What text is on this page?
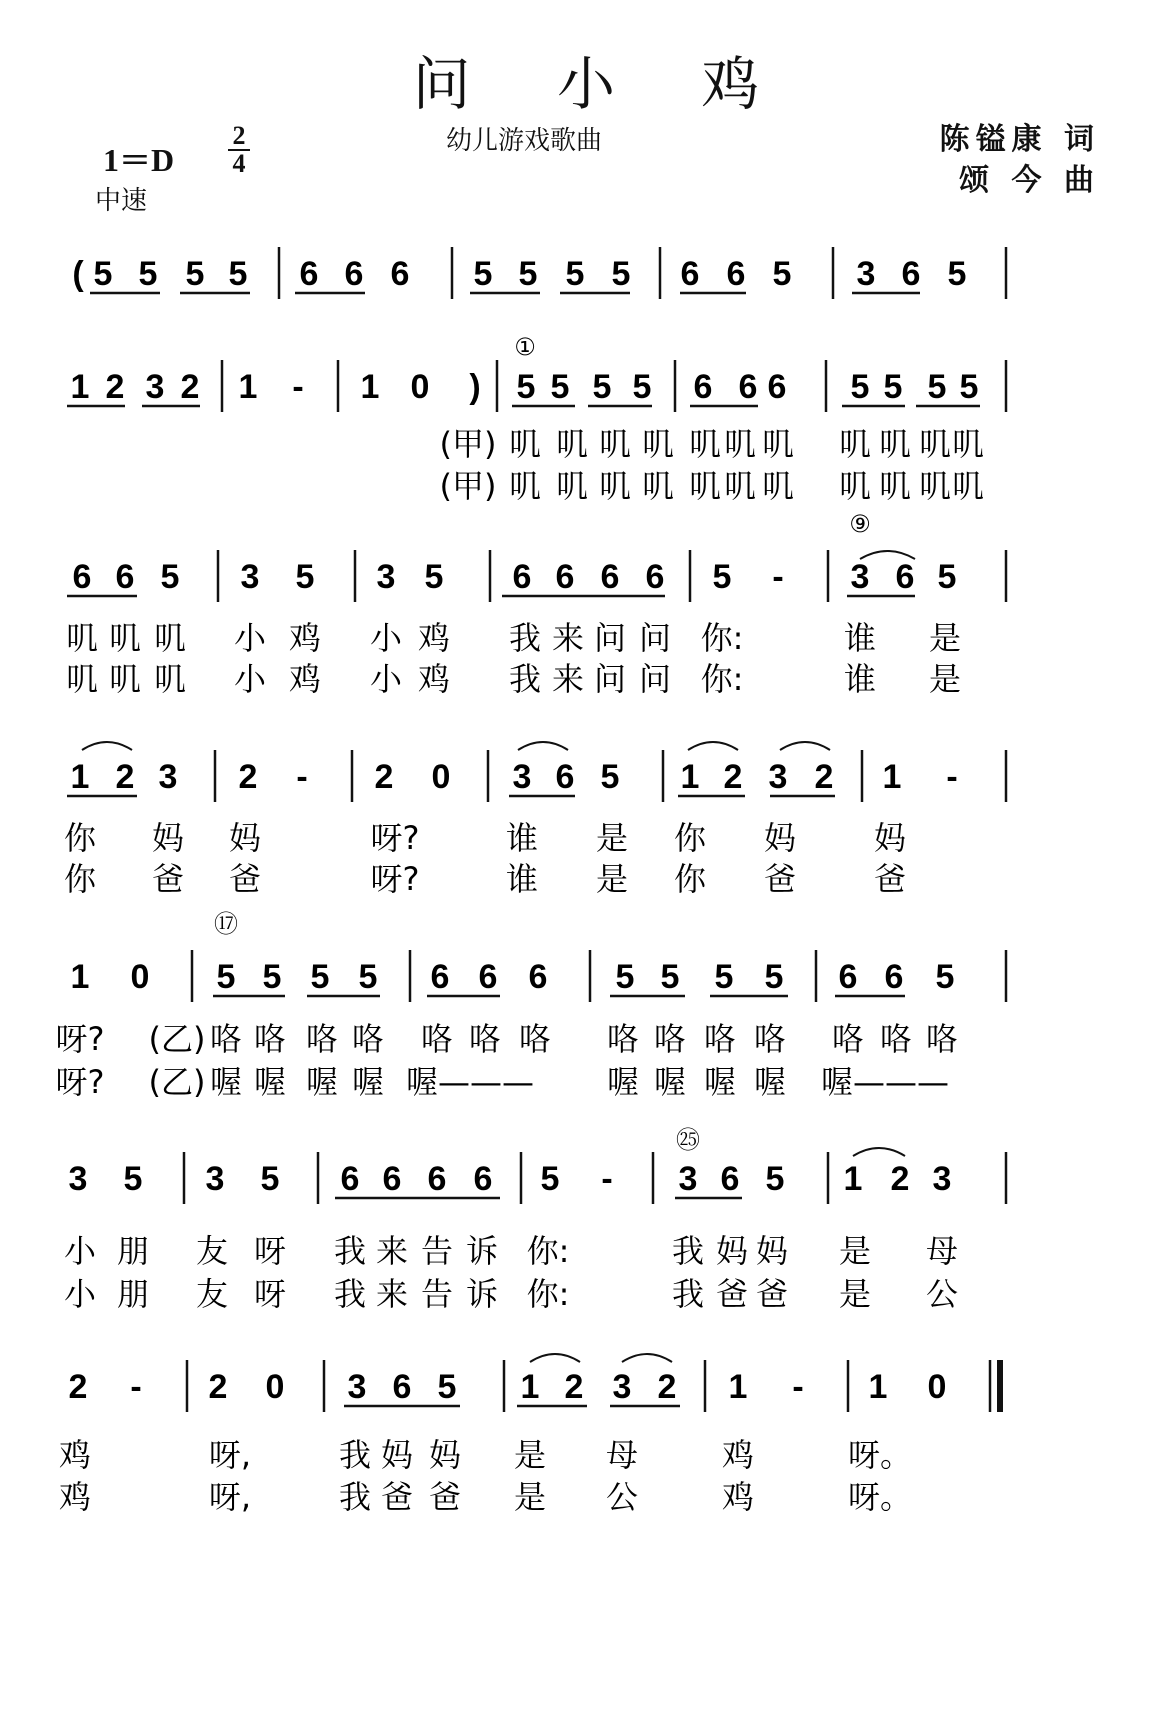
问 小 鸡
1＝D
2
4
幼儿游戏歌曲
中速
陈镒康 词
颂 今 曲
( 5 5 5 5 6 6 6 5 5 5 5 6 6 5 3 6 5
1 2 3 2 1 - 1 0 ) 5 5 5 5 6 6 6 5 5 5 5
①
(甲) 叽 叽 叽 叽 叽 叽 叽 叽 叽 叽 叽
(甲) 叽 叽 叽 叽 叽 叽 叽 叽 叽 叽 叽
6 6 5 3 5 3 5 6 6 6 6 5 - 3 6 5
⑨
叽 叽 叽 小 鸡 小 鸡 我 来 问 问 你:	谁 是
叽 叽 叽 小 鸡 小 鸡 我 来 问 问 你:	谁 是
1 2 3 2 - 2 0 3 6 5 1 2 3 2 1 -
你 妈 妈	呀?	谁 是 你 妈 妈
你 爸 爸	呀?	谁 是 你 爸 爸
1 0 5 5 5 5 6 6 6 5 5 5 5 6 6 5
⑰
呀? (乙) 咯 咯 咯 咯 咯 咯 咯 咯 咯 咯 咯 咯 咯 咯
呀? (乙) 喔 喔 喔 喔 喔——— 喔 喔 喔 喔 喔———
3 5 3 5 6 6 6 6 5 - 3 6 5 1 2 3
㉕
小 朋 友 呀 我 来 告 诉 你:	我 妈 妈 是 母
小 朋 友 呀 我 来 告 诉 你:	我 爸 爸 是 公
2 - 2 0 3 6 5 1 2 3 2 1 - 1 0
鸡	呀,	我 妈 妈 是 母	鸡	呀。
鸡	呀,	我 爸 爸 是 公	鸡	呀。
